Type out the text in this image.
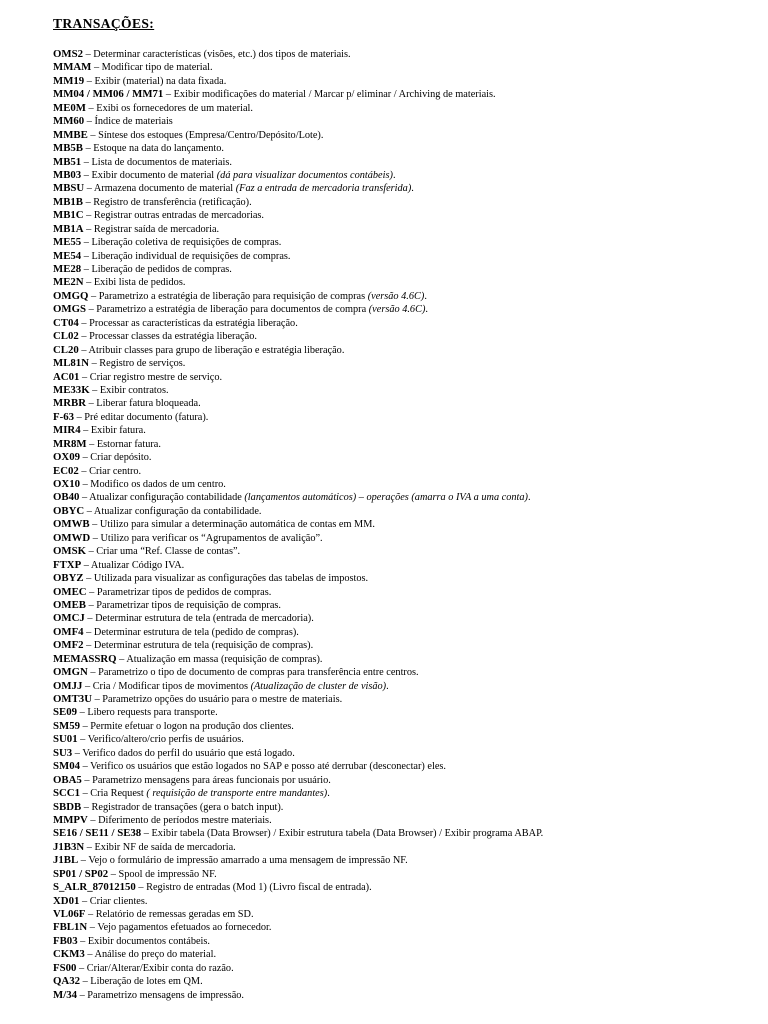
TRANSAÇÕES:
OMS2 – Determinar características (visões, etc.) dos tipos de materiais.
MMAM – Modificar tipo de material.
MM19 – Exibir (material) na data fixada.
MM04 / MM06 / MM71 – Exibir modificações do material / Marcar p/ eliminar / Archiving de materiais.
ME0M – Exibi os fornecedores de um material.
MM60 – Índice de materiais
MMBE – Síntese dos estoques (Empresa/Centro/Depósito/Lote).
MB5B – Estoque na data do lançamento.
MB51 – Lista de documentos de materiais.
MB03 – Exibir documento de material (dá para visualizar documentos contábeis).
MBSU – Armazena documento de material (Faz a entrada de mercadoria transferida).
MB1B – Registro de transferência (retificação).
MB1C – Registrar outras entradas de mercadorias.
MB1A – Registrar saída de mercadoria.
ME55 – Liberação coletiva de requisições de compras.
ME54 – Liberação individual de requisições de compras.
ME28 – Liberação de pedidos de compras.
ME2N – Exibi lista de pedidos.
OMGQ – Parametrizo a estratégia de liberação para requisição de compras (versão 4.6C).
OMGS – Parametrizo a estratégia de liberação para documentos de compra (versão 4.6C).
CT04 – Processar as características da estratégia liberação.
CL02 – Processar classes da estratégia liberação.
CL20 – Atribuir classes para grupo de liberação e estratégia liberação.
ML81N – Registro de serviços.
AC01 – Criar registro mestre de serviço.
ME33K – Exibir contratos.
MRBR – Liberar fatura bloqueada.
F-63 – Pré editar documento (fatura).
MIR4 – Exibir fatura.
MR8M – Estornar fatura.
OX09 – Criar depósito.
EC02 – Criar centro.
OX10 – Modifico os dados de um centro.
OB40 – Atualizar configuração contabilidade (lançamentos automáticos) – operações (amarra o IVA a uma conta).
OBYC – Atualizar configuração da contabilidade.
OMWB – Utilizo para simular a determinação automática de contas em MM.
OMWD – Utilizo para verificar os “Agrupamentos de avalição”.
OMSK – Criar uma “Ref. Classe de contas”.
FTXP – Atualizar Código IVA.
OBYZ – Utilizada para visualizar as configurações das tabelas de impostos.
OMEC – Parametrizar tipos de pedidos de compras.
OMEB – Parametrizar tipos de requisição de compras.
OMCJ – Determinar estrutura de tela (entrada de mercadoria).
OMF4 – Determinar estrutura de tela (pedido de compras).
OMF2 – Determinar estrutura de tela (requisição de compras).
MEMASSRQ – Atualização em massa (requisição de compras).
OMGN – Parametrizo o tipo de documento de compras para transferência entre centros.
OMJJ – Cria / Modificar tipos de movimentos (Atualização de cluster de visão).
OMT3U – Parametrizo opções do usuário para o mestre de materiais.
SE09 – Libero requests para transporte.
SM59 – Permite efetuar o logon na produção dos clientes.
SU01 – Verifico/altero/crio perfis de usuários.
SU3 – Verifico dados do perfil do usuário que está logado.
SM04 – Verifico os usuários que estão logados no SAP e posso até derrubar (desconectar) eles.
OBA5 – Parametrizo mensagens para áreas funcionais por usuário.
SCC1 – Cria Request ( requisição de transporte entre mandantes).
SBDB – Registrador de transações (gera o batch input).
MMPV – Diferimento de períodos mestre materiais.
SE16 / SE11 / SE38 – Exibir tabela (Data Browser) / Exibir estrutura tabela (Data Browser) / Exibir programa ABAP.
J1B3N – Exibir NF de saída de mercadoria.
J1BL – Vejo o formulário de impressão amarrado a uma mensagem de impressão NF.
SP01 / SP02 – Spool de impressão NF.
S_ALR_87012150 – Registro de entradas (Mod 1) (Livro fiscal de entrada).
XD01 – Criar clientes.
VL06F – Relatório de remessas geradas em SD.
FBL1N – Vejo pagamentos efetuados ao fornecedor.
FB03 – Exibir documentos contábeis.
CKM3 – Análise do preço do material.
FS00 – Criar/Alterar/Exibir conta do razão.
QA32 – Liberação de lotes em QM.
M/34 – Parametrizo mensagens de impressão.
